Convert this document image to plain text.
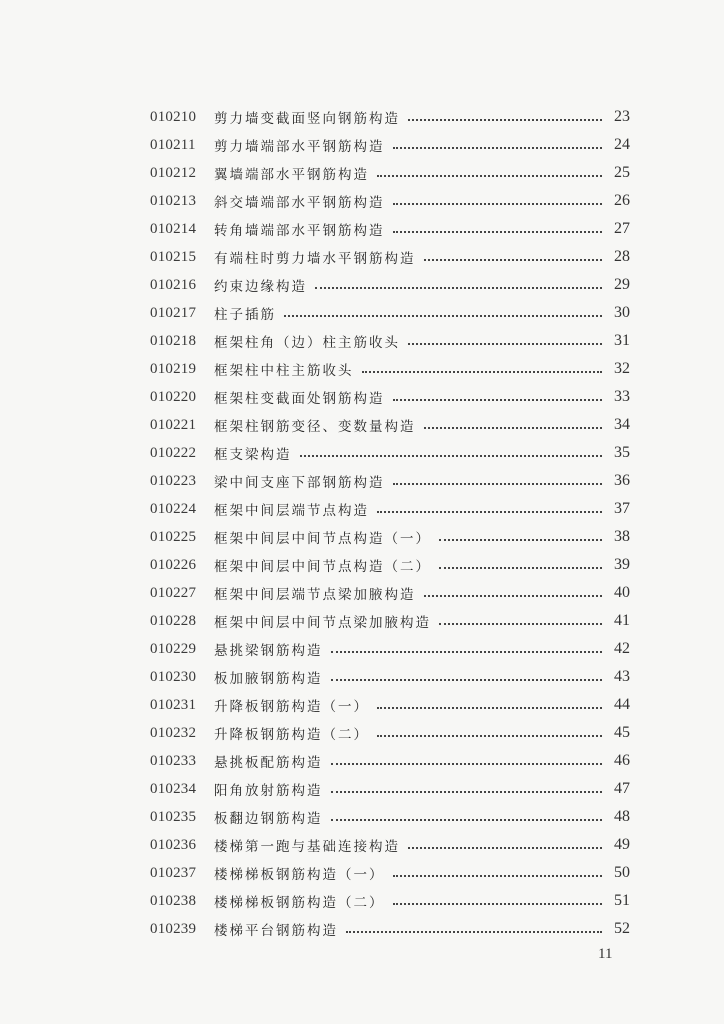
010210	剪力墙变截面竖向钢筋构造	23
010211	剪力墙端部水平钢筋构造	24
010212	翼墙端部水平钢筋构造	25
010213	斜交墙端部水平钢筋构造	26
010214	转角墙端部水平钢筋构造	27
010215	有端柱时剪力墙水平钢筋构造	28
010216	约束边缘构造	29
010217	柱子插筋	30
010218	框架柱角（边）柱主筋收头	31
010219	框架柱中柱主筋收头	32
010220	框架柱变截面处钢筋构造	33
010221	框架柱钢筋变径、变数量构造	34
010222	框支梁构造	35
010223	梁中间支座下部钢筋构造	36
010224	框架中间层端节点构造	37
010225	框架中间层中间节点构造（一）	38
010226	框架中间层中间节点构造（二）	39
010227	框架中间层端节点梁加腋构造	40
010228	框架中间层中间节点梁加腋构造	41
010229	悬挑梁钢筋构造	42
010230	板加腋钢筋构造	43
010231	升降板钢筋构造（一）	44
010232	升降板钢筋构造（二）	45
010233	悬挑板配筋构造	46
010234	阳角放射筋构造	47
010235	板翻边钢筋构造	48
010236	楼梯第一跑与基础连接构造	49
010237	楼梯梯板钢筋构造（一）	50
010238	楼梯梯板钢筋构造（二）	51
010239	楼梯平台钢筋构造	52
11
